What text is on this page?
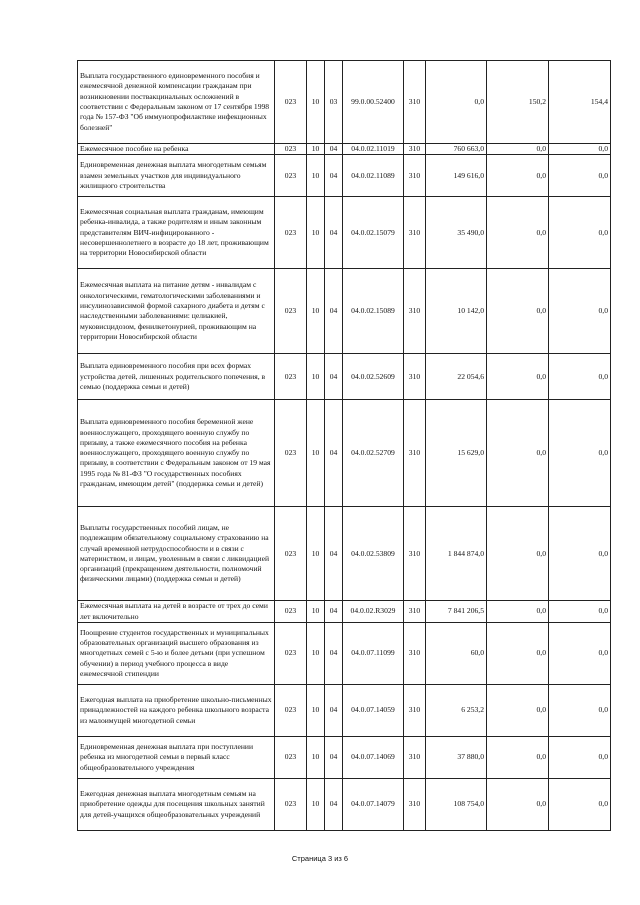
Выплата государственного единовременного пособия и ежемесячной денежной компенсации гражданам при возникновении поствакцинальных осложнений в соответствии с Федеральным законом от 17 сентября 1998 года № 157-ФЗ "Об иммунопрофилактике инфекционных болезней"	023	10	03	99.0.00.52400	310	0,0	150,2	154,4
Ежемесячное пособие на ребенка	023	10	04	04.0.02.11019	310	760 663,0	0,0	0,0
Единовременная денежная выплата многодетным семьям взамен земельных участков для индивидуального жилищного строительства	023	10	04	04.0.02.11089	310	149 616,0	0,0	0,0
Ежемесячная социальная выплата гражданам, имеющим ребенка-инвалида, а также родителям и иным законным представителям ВИЧ-инфицированного - несовершеннолетнего в возрасте до 18 лет, проживающим на территории Новосибирской области	023	10	04	04.0.02.15079	310	35 490,0	0,0	0,0
Ежемесячная выплата на питание детям - инвалидам с онкологическими, гематологическими заболеваниями и инсулинозависимой формой сахарного диабета и детям с наследственными заболеваниями: целиакией, муковисцидозом, фенилкетонурией, проживающим на территории Новосибирской области	023	10	04	04.0.02.15089	310	10 142,0	0,0	0,0
Выплата единовременного пособия при всех формах устройства детей, лишенных родительского попечения, в семью (поддержка семьи и детей)	023	10	04	04.0.02.52609	310	22 054,6	0,0	0,0
Выплата единовременного пособия беременной жене военнослужащего, проходящего военную службу по призыву, а также ежемесячного пособия на ребенка военнослужащего, проходящего военную службу по призыву, в соответствии с Федеральным законом от 19 мая 1995 года № 81-ФЗ "О государственных пособиях гражданам, имеющим детей" (поддержка семьи и детей)	023	10	04	04.0.02.52709	310	15 629,0	0,0	0,0
Выплаты государственных пособий лицам, не подлежащим обязательному социальному страхованию на случай временной нетрудоспособности и в связи с материнством, и лицам, уволенным в связи с ликвидацией организаций (прекращением деятельности, полномочий физическими лицами) (поддержка семьи и детей)	023	10	04	04.0.02.53809	310	1 844 874,0	0,0	0,0
Ежемесячная выплата на детей в возрасте от трех до семи лет включительно	023	10	04	04.0.02.R3029	310	7 841 206,5	0,0	0,0
Поощрение студентов государственных и муниципальных образовательных организаций высшего образования из многодетных семей с 5-ю и более детьми (при успешном обучении) в период учебного процесса в виде ежемесячной стипендии	023	10	04	04.0.07.11099	310	60,0	0,0	0,0
Ежегодная выплата на приобретение школьно-письменных принадлежностей на каждого ребенка школьного возраста из малоимущей многодетной семьи	023	10	04	04.0.07.14059	310	6 253,2	0,0	0,0
Единовременная денежная выплата при поступлении ребенка из многодетной семьи в первый класс общеобразовательного учреждения	023	10	04	04.0.07.14069	310	37 880,0	0,0	0,0
Ежегодная денежная выплата многодетным семьям на приобретение одежды для посещения школьных занятий для детей-учащихся общеобразовательных учреждений	023	10	04	04.0.07.14079	310	108 754,0	0,0	0,0
Страница 3 из 6
